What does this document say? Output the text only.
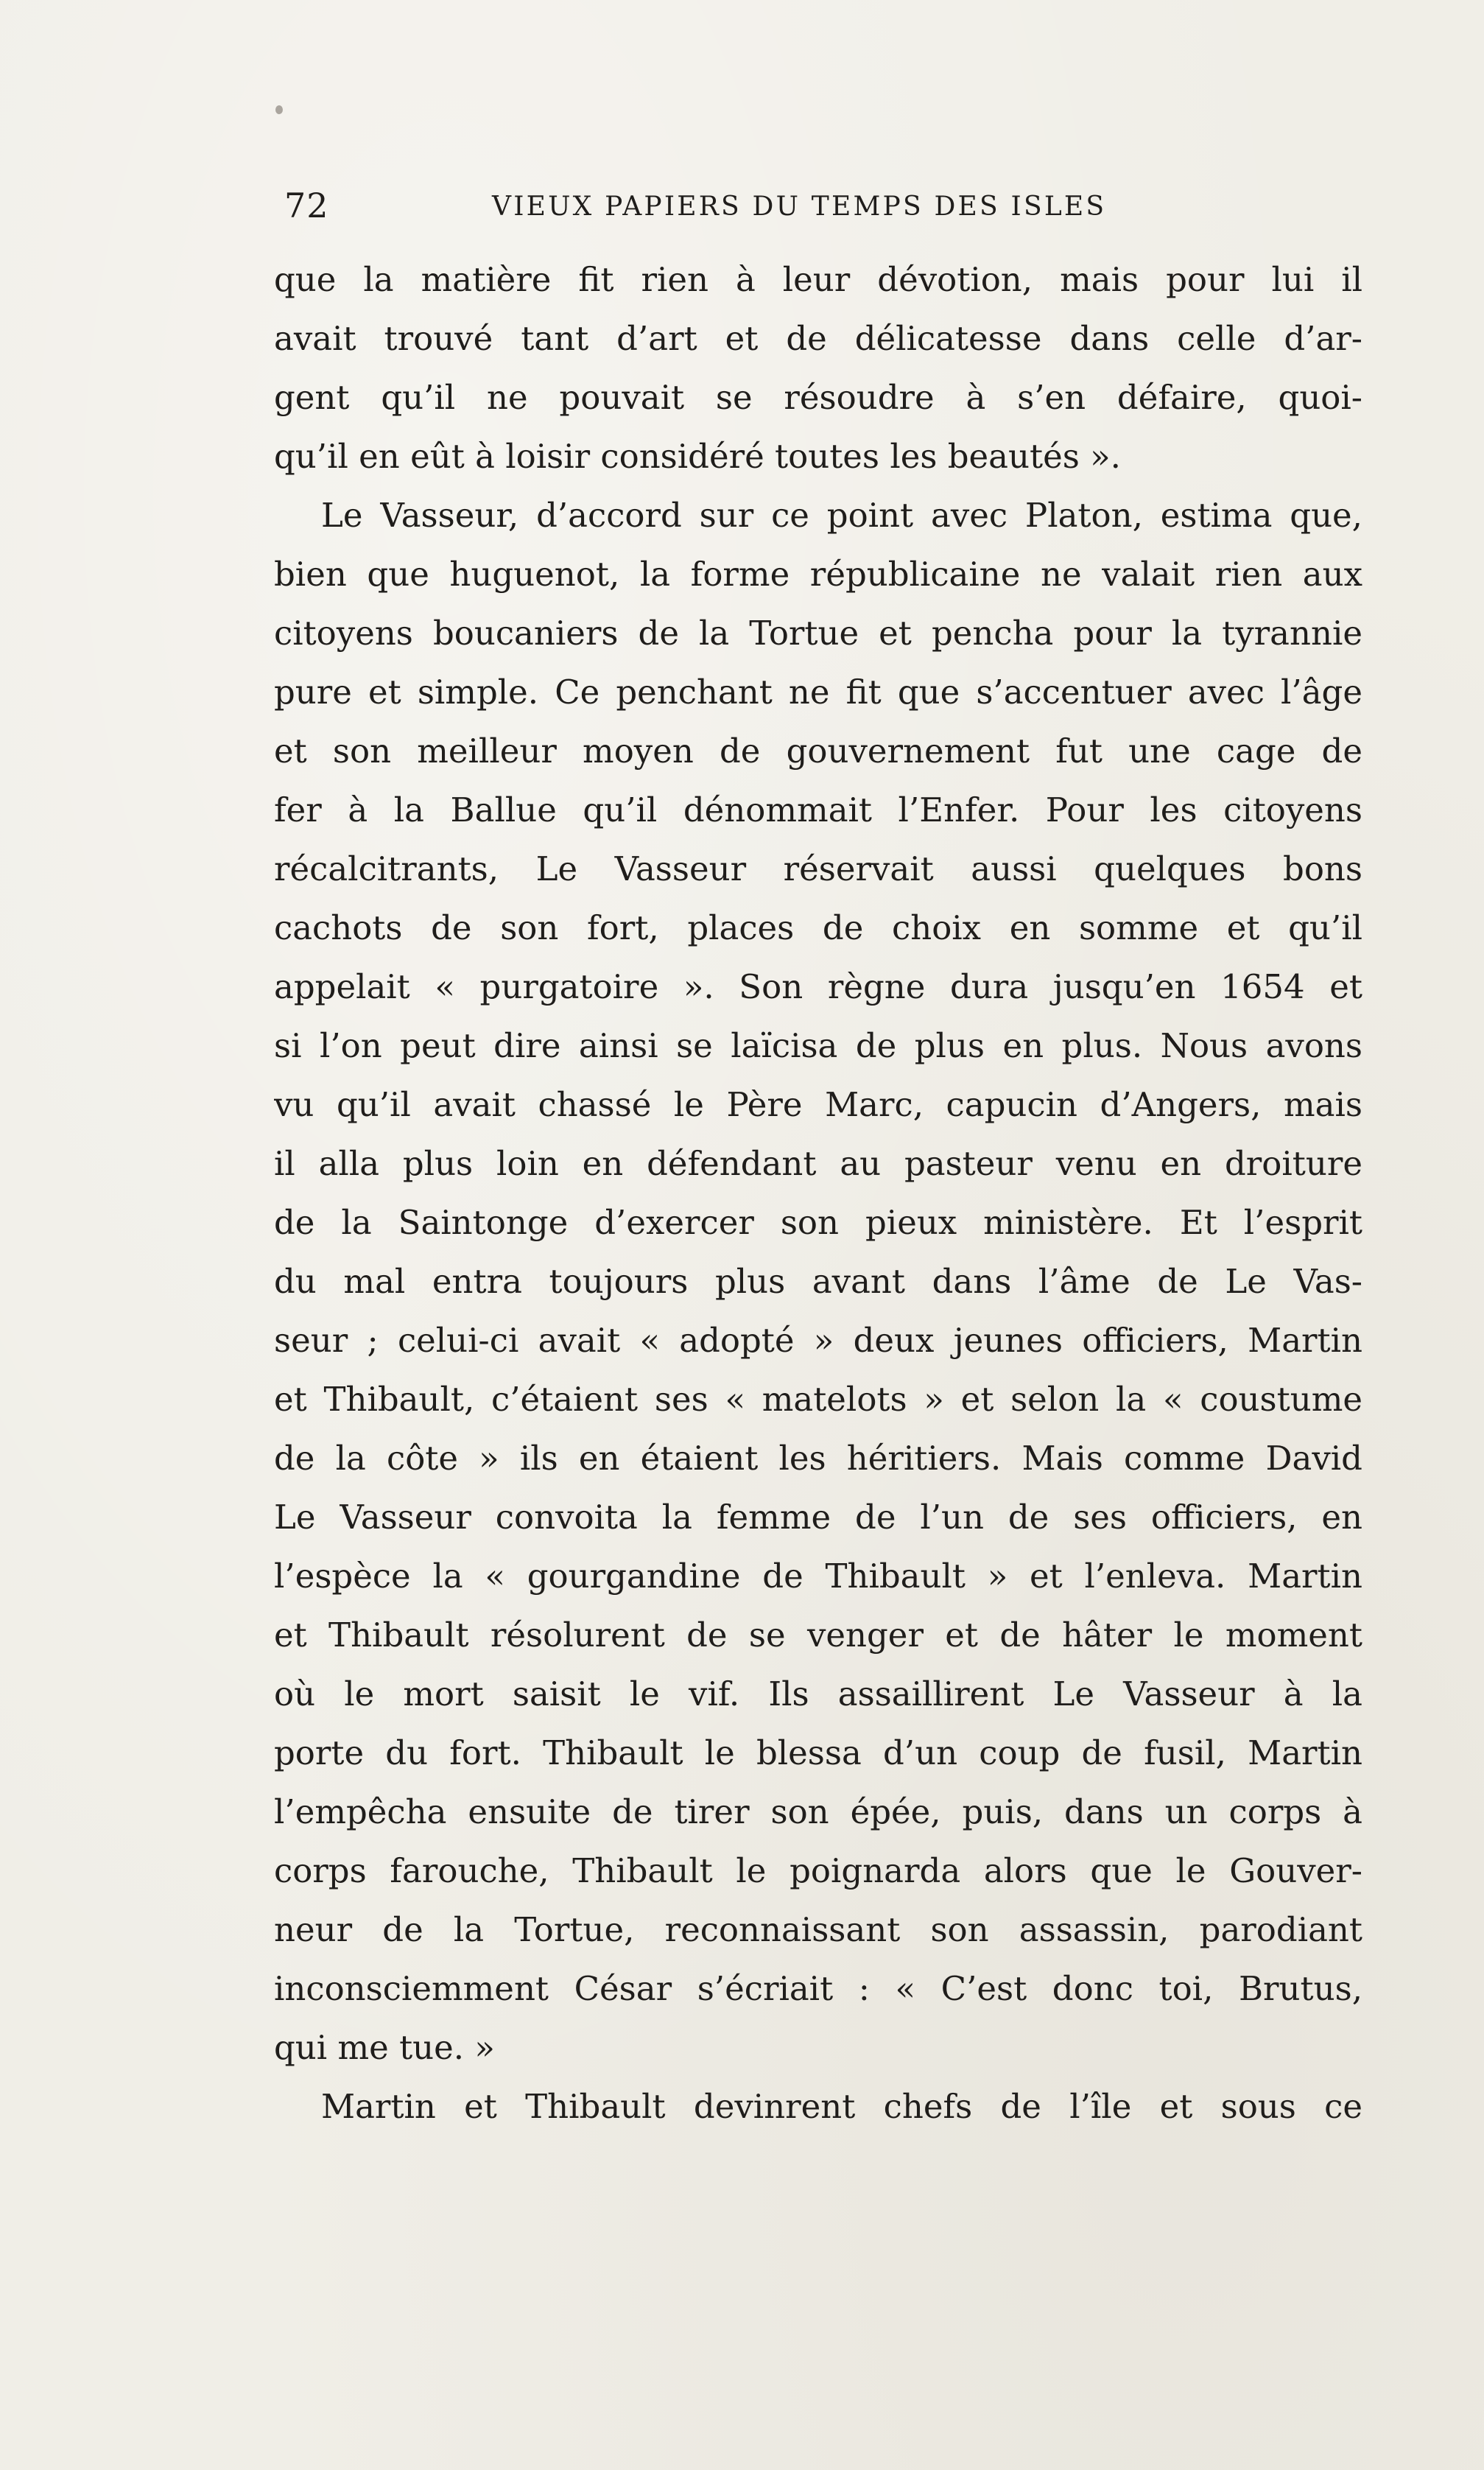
72	VIEUX PAPIERS DU TEMPS DES ISLES
que la matière fit rien à leur dévotion, mais pour lui il
avait trouvé tant d’art et de délicatesse dans celle d’ar-
gent qu’il ne pouvait se résoudre à s’en défaire, quoi-
qu’il en eût à loisir considéré toutes les beautés ».
Le Vasseur, d’accord sur ce point avec Platon, estima que,
bien que huguenot, la forme républicaine ne valait rien aux
citoyens boucaniers de la Tortue et pencha pour la tyrannie
pure et simple. Ce penchant ne fit que s’accentuer avec l’âge
et son meilleur moyen de gouvernement fut une cage de
fer à la Ballue qu’il dénommait l’Enfer. Pour les citoyens
récalcitrants, Le Vasseur réservait aussi quelques bons
cachots de son fort, places de choix en somme et qu’il
appelait « purgatoire ». Son règne dura jusqu’en 1654 et
si l’on peut dire ainsi se laïcisa de plus en plus. Nous avons
vu qu’il avait chassé le Père Marc, capucin d’Angers, mais
il alla plus loin en défendant au pasteur venu en droiture
de la Saintonge d’exercer son pieux ministère. Et l’esprit
du mal entra toujours plus avant dans l’âme de Le Vas-
seur ; celui-ci avait « adopté » deux jeunes officiers, Martin
et Thibault, c’étaient ses « matelots » et selon la « coustume
de la côte » ils en étaient les héritiers. Mais comme David
Le Vasseur convoita la femme de l’un de ses officiers, en
l’espèce la « gourgandine de Thibault » et l’enleva. Martin
et Thibault résolurent de se venger et de hâter le moment
où le mort saisit le vif. Ils assaillirent Le Vasseur à la
porte du fort. Thibault le blessa d’un coup de fusil, Martin
l’empêcha ensuite de tirer son épée, puis, dans un corps à
corps farouche, Thibault le poignarda alors que le Gouver-
neur de la Tortue, reconnaissant son assassin, parodiant
inconsciemment César s’écriait : « C’est donc toi, Brutus,
qui me tue. »
Martin et Thibault devinrent chefs de l’île et sous ce
